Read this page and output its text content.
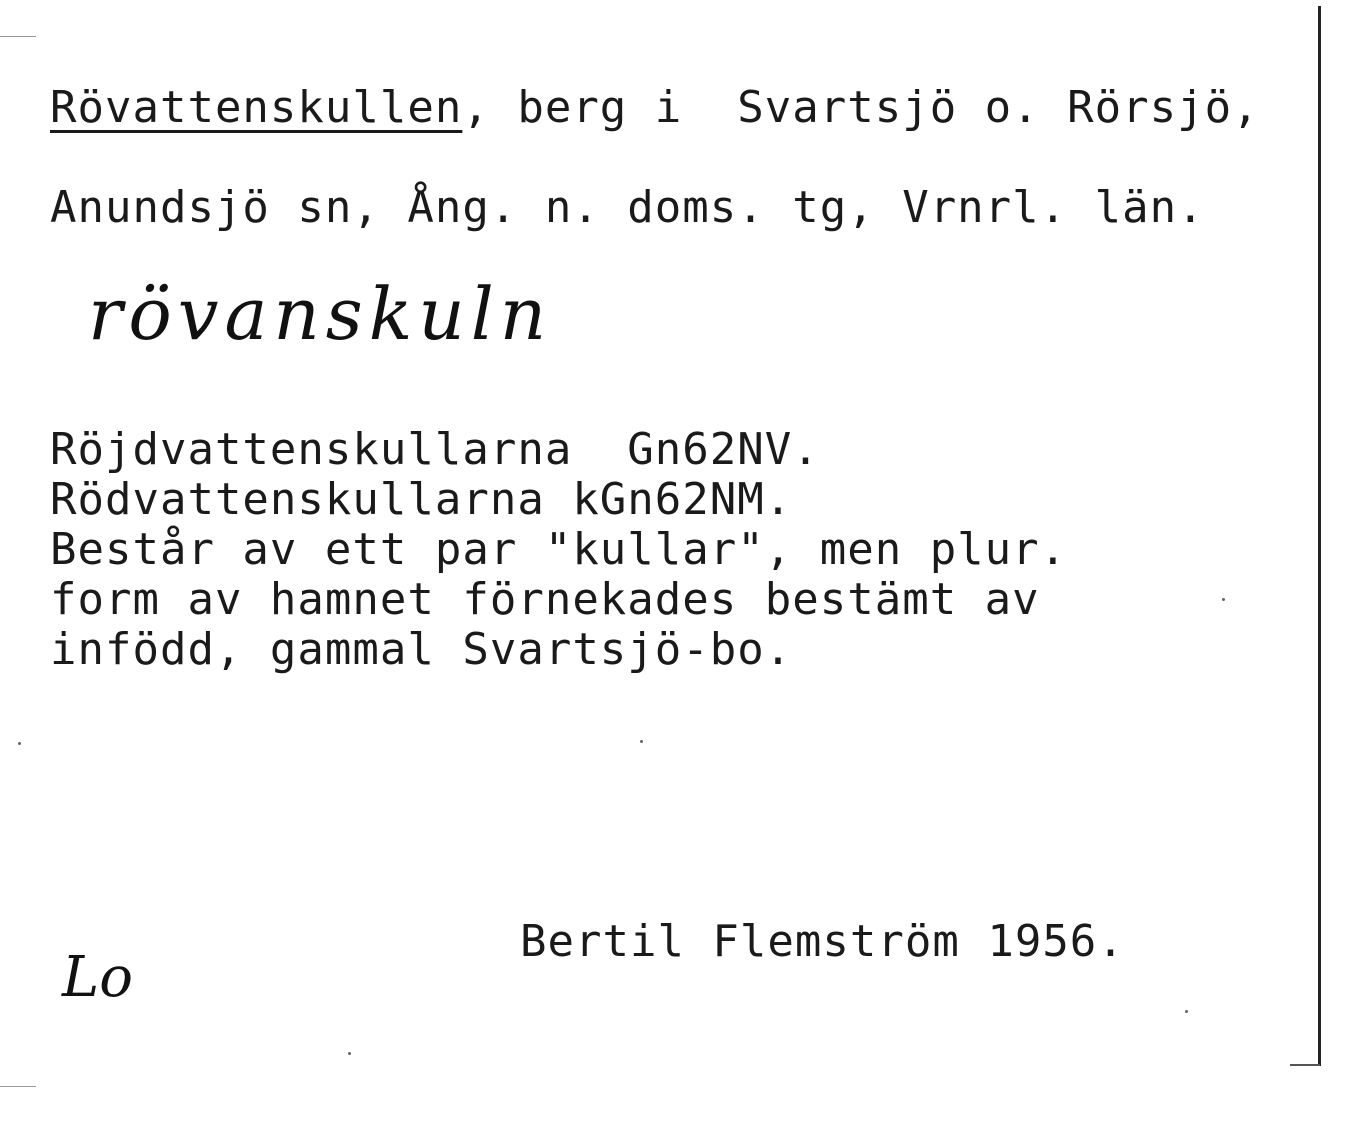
Rövattenskullen, berg i  Svartsjö o. Rörsjö,
Anundsjö sn, Ång. n. doms. tg, Vrnrl. län.
rövanskuln
Röjdvattenskullarna  Gn62NV.
Rödvattenskullarna kGn62NM.
Består av ett par "kullar", men plur.
form av hamnet förnekades bestämt av
infödd, gammal Svartsjö-bo.
Bertil Flemström 1956.
Lo
